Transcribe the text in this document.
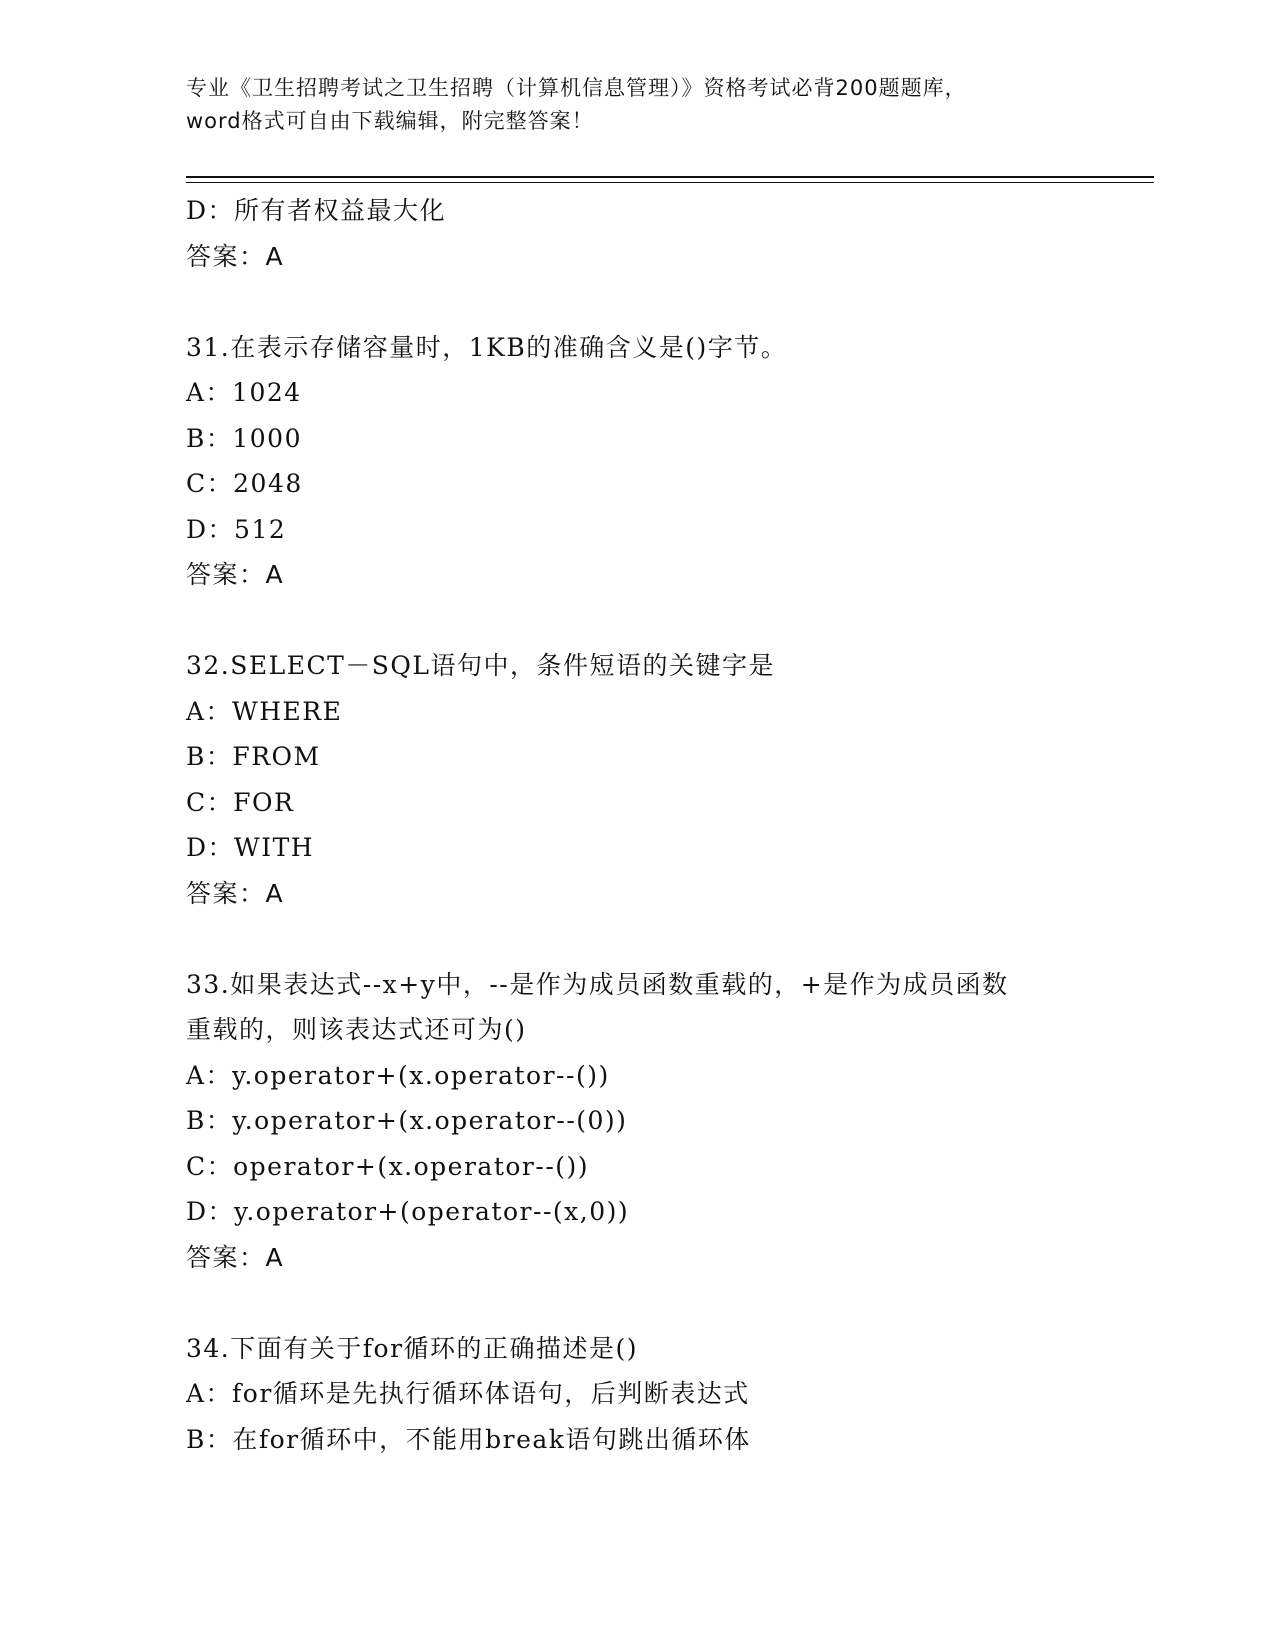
专业《卫生招聘考试之卫生招聘（计算机信息管理）》资格考试必背200题题库，
word格式可自由下载编辑，附完整答案！
D：所有者权益最大化
答案：A
31.在表示存储容量时，1KB的准确含义是()字节。
A：1024
B：1000
C：2048
D：512
答案：A
32.SELECT－SQL语句中，条件短语的关键字是
A：WHERE
B：FROM
C：FOR
D：WITH
答案：A
33.如果表达式--x+y中，--是作为成员函数重载的，+是作为成员函数
重载的，则该表达式还可为()
A：y.operator+(x.operator--())
B：y.operator+(x.operator--(0))
C：operator+(x.operator--())
D：y.operator+(operator--(x,0))
答案：A
34.下面有关于for循环的正确描述是()
A：for循环是先执行循环体语句，后判断表达式
B：在for循环中，不能用break语句跳出循环体
